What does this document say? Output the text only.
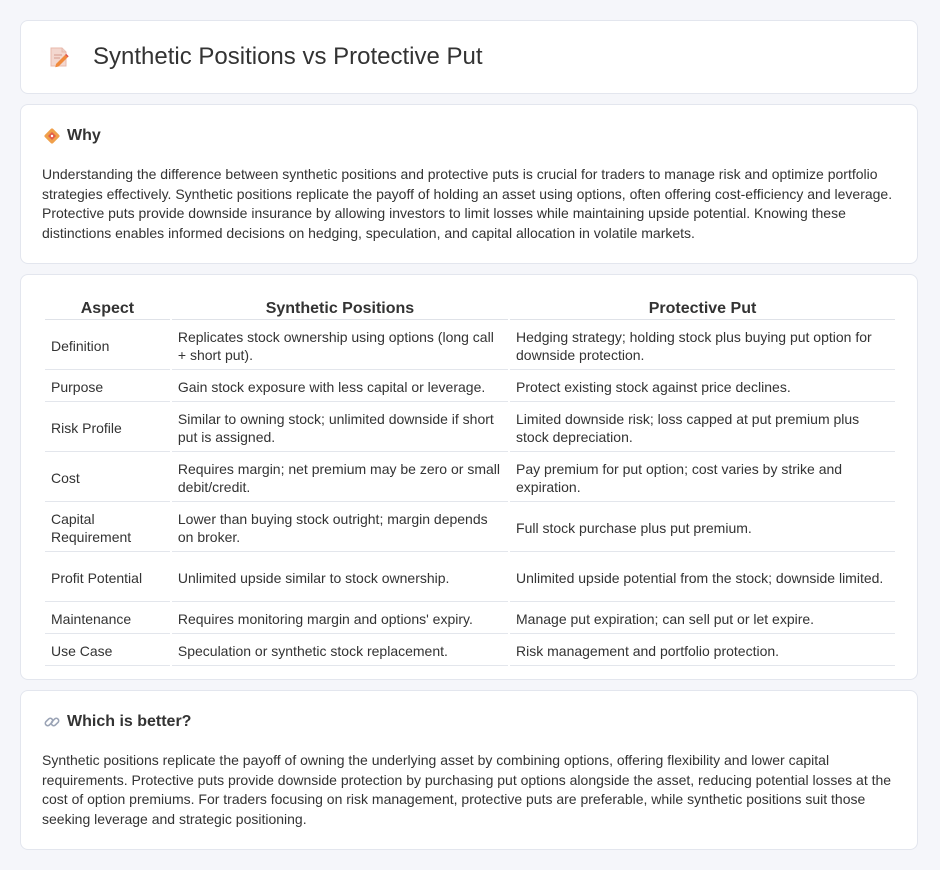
Synthetic Positions vs Protective Put
Why

Understanding the difference between synthetic positions and protective puts is crucial for traders to manage risk and optimize portfolio strategies effectively. Synthetic positions replicate the payoff of holding an asset using options, often offering cost-efficiency and leverage. Protective puts provide downside insurance by allowing investors to limit losses while maintaining upside potential. Knowing these distinctions enables informed decisions on hedging, speculation, and capital allocation in volatile markets.

Aspect	Synthetic Positions	Protective Put
Definition	Replicates stock ownership using options (long call + short put).	Hedging strategy; holding stock plus buying put option for downside protection.
Purpose	Gain stock exposure with less capital or leverage.	Protect existing stock against price declines.
Risk Profile	Similar to owning stock; unlimited downside if short put is assigned.	Limited downside risk; loss capped at put premium plus stock depreciation.
Cost	Requires margin; net premium may be zero or small debit/credit.	Pay premium for put option; cost varies by strike and expiration.
Capital Requirement	Lower than buying stock outright; margin depends on broker.	Full stock purchase plus put premium.
Profit Potential	Unlimited upside similar to stock ownership.	Unlimited upside potential from the stock; downside limited.
Maintenance	Requires monitoring margin and options' expiry.	Manage put expiration; can sell put or let expire.
Use Case	Speculation or synthetic stock replacement.	Risk management and portfolio protection.
Which is better?

Synthetic positions replicate the payoff of owning the underlying asset by combining options, offering flexibility and lower capital requirements. Protective puts provide downside protection by purchasing put options alongside the asset, reducing potential losses at the cost of option premiums. For traders focusing on risk management, protective puts are preferable, while synthetic positions suit those seeking leverage and strategic positioning.
